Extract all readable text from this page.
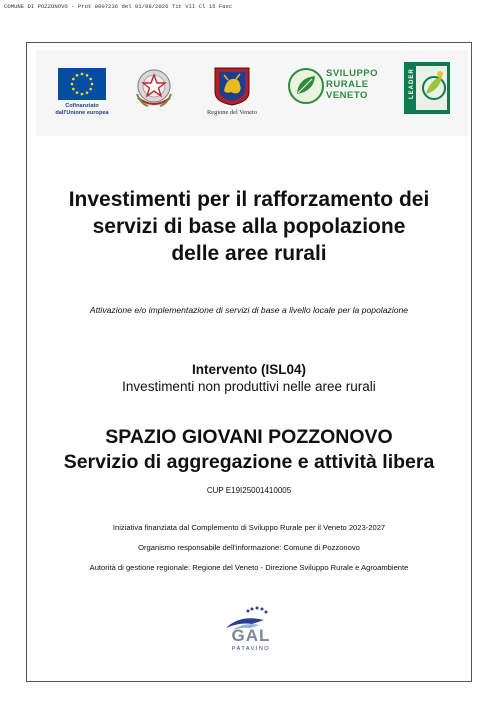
COMUNE DI POZZONOVO - Prot 0007236 del 01/08/2026 Tit VII Cl 15 Fasc
Cofinanziato
dall'Unione europea	Regione del Veneto
SVILUPPO
RURALE
VENETO	LEADER
Investimenti per il rafforzamento dei
servizi di base alla popolazione
delle aree rurali

Attivazione e/o implementazione di servizi di base a livello locale per la popolazione

Intervento (ISL04)
Investimenti non produttivi nelle aree rurali
SPAZIO GIOVANI POZZONOVO
Servizio di aggregazione e attività libera
CUP E19I25001410005
Iniziativa finanziata dal Complemento di Sviluppo Rurale per il Veneto 2023-2027
Organismo responsabile dell'informazione: Comune di Pozzonovo
Autorità di gestione regionale: Regione del Veneto - Direzione Sviluppo Rurale e Agroambiente
GAL
PATAVINO
